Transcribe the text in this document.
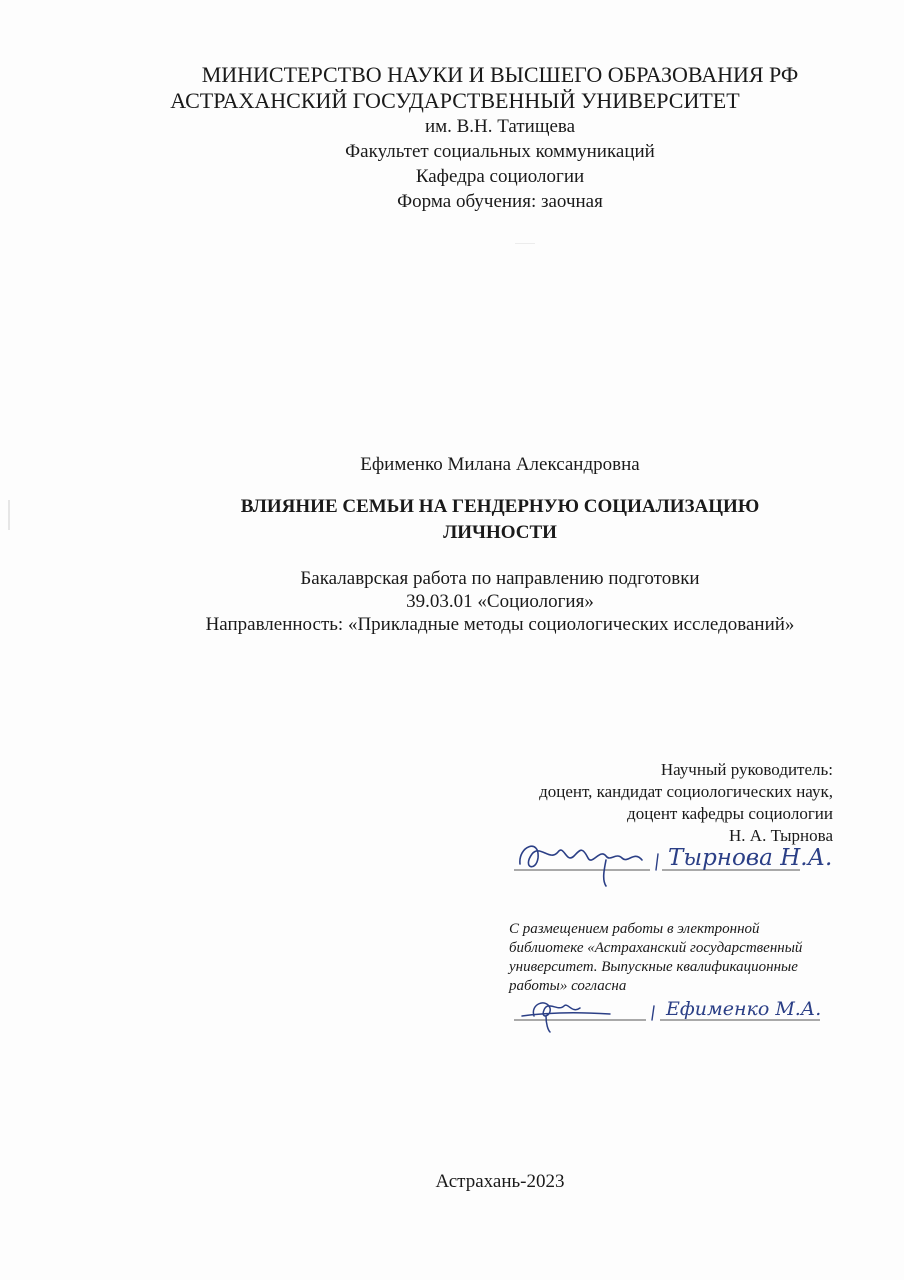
МИНИСТЕРСТВО НАУКИ И ВЫСШЕГО ОБРАЗОВАНИЯ РФ
АСТРАХАНСКИЙ ГОСУДАРСТВЕННЫЙ УНИВЕРСИТЕТ
им. В.Н. Татищева
Факультет социальных коммуникаций
Кафедра социологии
Форма обучения: заочная
Ефименко Милана Александровна
ВЛИЯНИЕ СЕМЬИ НА ГЕНДЕРНУЮ СОЦИАЛИЗАЦИЮ
ЛИЧНОСТИ
Бакалаврская работа по направлению подготовки
39.03.01 «Социология»
Направленность: «Прикладные методы социологических исследований»
Научный руководитель:
доцент, кандидат социологических наук,
доцент кафедры социологии
Н. А. Тырнова
Тырнова Н.А.
С размещением работы в электронной библиотеке «Астраханский государственный университет. Выпускные квалификационные работы» согласна
Ефименко М.А.
Астрахань-2023
